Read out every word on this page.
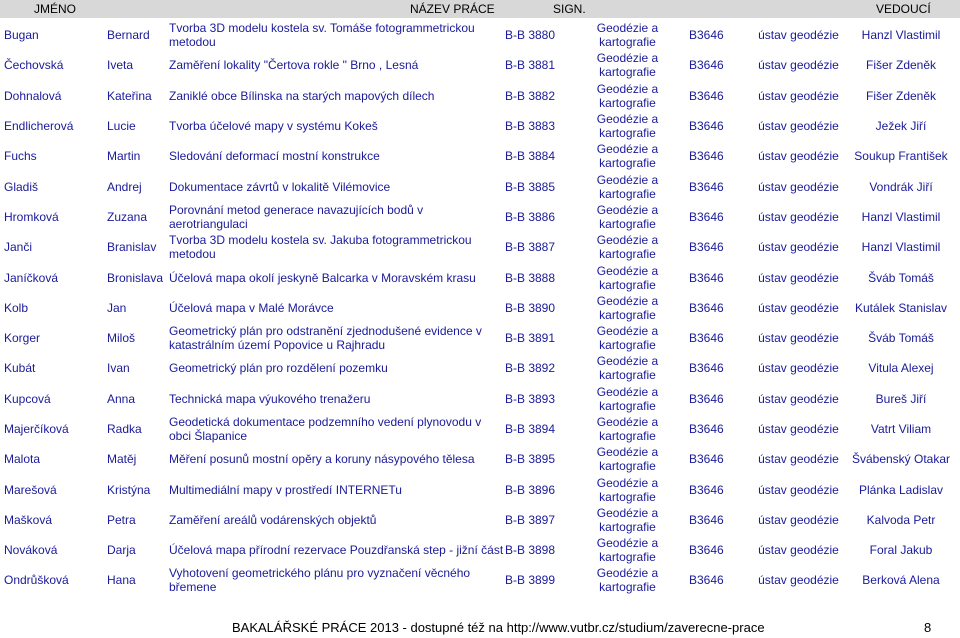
JMÉNO	NÁZEV PRÁCE	SIGN.	VEDOUCÍ
Bugan	Bernard	Tvorba 3D modelu kostela sv. Tomáše fotogrammetrickou metodou	B-B 3880	Geodézie a kartografie	B3646	ústav geodézie	Hanzl Vlastimil
Čechovská	Iveta	Zaměření lokality "Čertova rokle " Brno , Lesná	B-B 3881	Geodézie a kartografie	B3646	ústav geodézie	Fišer Zdeněk
Dohnalová	Kateřina	Zaniklé obce Bílinska na starých mapových dílech	B-B 3882	Geodézie a kartografie	B3646	ústav geodézie	Fišer Zdeněk
Endlicherová	Lucie	Tvorba účelové mapy v systému Kokeš	B-B 3883	Geodézie a kartografie	B3646	ústav geodézie	Ježek Jiří
Fuchs	Martin	Sledování deformací mostní konstrukce	B-B 3884	Geodézie a kartografie	B3646	ústav geodézie	Soukup František
Gladiš	Andrej	Dokumentace závrtů v lokalitě Vilémovice	B-B 3885	Geodézie a kartografie	B3646	ústav geodézie	Vondrák Jiří
Hromková	Zuzana	Porovnání metod generace navazujících bodů v aerotriangulaci	B-B 3886	Geodézie a kartografie	B3646	ústav geodézie	Hanzl Vlastimil
Janči	Branislav	Tvorba 3D modelu kostela sv. Jakuba fotogrammetrickou metodou	B-B 3887	Geodézie a kartografie	B3646	ústav geodézie	Hanzl Vlastimil
Janíčková	Bronislava	Účelová mapa okolí jeskyně Balcarka v Moravském krasu	B-B 3888	Geodézie a kartografie	B3646	ústav geodézie	Šváb Tomáš
Kolb	Jan	Účelová mapa v Malé Morávce	B-B 3890	Geodézie a kartografie	B3646	ústav geodézie	Kutálek Stanislav
Korger	Miloš	Geometrický plán pro odstranění zjednodušené evidence v katastrálním území Popovice u Rajhradu	B-B 3891	Geodézie a kartografie	B3646	ústav geodézie	Šváb Tomáš
Kubát	Ivan	Geometrický plán pro rozdělení pozemku	B-B 3892	Geodézie a kartografie	B3646	ústav geodézie	Vitula Alexej
Kupcová	Anna	Technická mapa výukového trenažeru	B-B 3893	Geodézie a kartografie	B3646	ústav geodézie	Bureš Jiří
Majerčíková	Radka	Geodetická dokumentace podzemního vedení plynovodu v obci Šlapanice	B-B 3894	Geodézie a kartografie	B3646	ústav geodézie	Vatrt Viliam
Malota	Matěj	Měření posunů mostní opěry a koruny násypového tělesa	B-B 3895	Geodézie a kartografie	B3646	ústav geodézie	Švábenský Otakar
Marešová	Kristýna	Multimediální mapy v prostředí INTERNETu	B-B 3896	Geodézie a kartografie	B3646	ústav geodézie	Plánka Ladislav
Mašková	Petra	Zaměření areálů vodárenských objektů	B-B 3897	Geodézie a kartografie	B3646	ústav geodézie	Kalvoda Petr
Nováková	Darja	Účelová mapa přírodní rezervace Pouzdřanská step - jižní část	B-B 3898	Geodézie a kartografie	B3646	ústav geodézie	Foral Jakub
Ondrůšková	Hana	Vyhotovení geometrického plánu pro vyznačení věcného břemene	B-B 3899	Geodézie a kartografie	B3646	ústav geodézie	Berková Alena
BAKALÁŘSKÉ PRÁCE 2013 - dostupné též na http://www.vutbr.cz/studium/zaverecne-prace	8
